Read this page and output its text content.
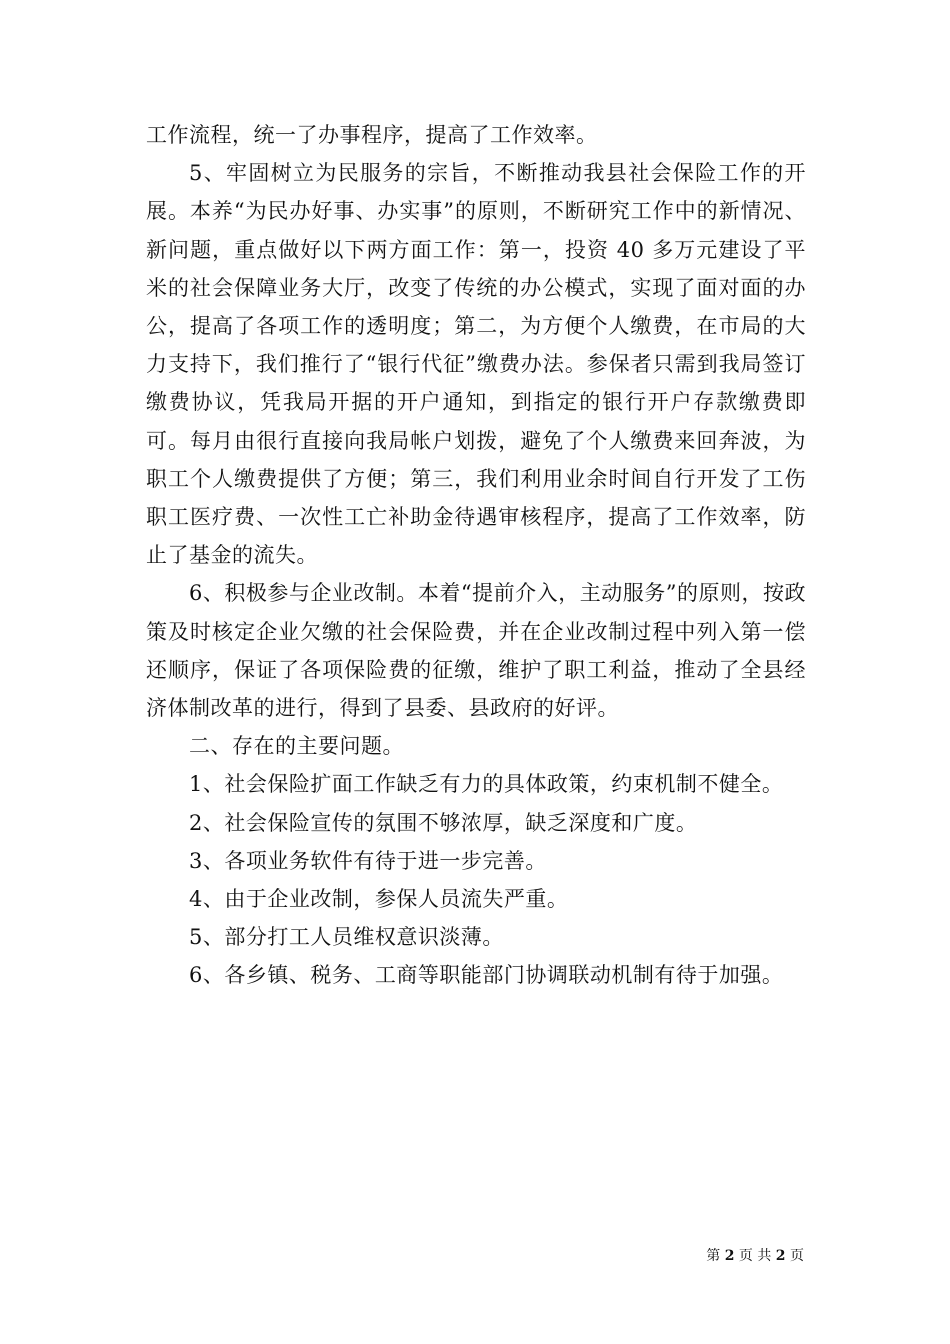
工作流程，统一了办事程序，提高了工作效率。

5、牢固树立为民服务的宗旨，不断推动我县社会保险工作的开展。本养“为民办好事、办实事”的原则，不断研究工作中的新情况、新问题，重点做好以下两方面工作：第一，投资 40 多万元建设了平米的社会保障业务大厅，改变了传统的办公模式，实现了面对面的办公，提高了各项工作的透明度；第二，为方便个人缴费，在市局的大力支持下，我们推行了“银行代征”缴费办法。参保者只需到我局签订缴费协议，凭我局开据的开户通知，到指定的银行开户存款缴费即可。每月由很行直接向我局帐户划拨，避免了个人缴费来回奔波，为职工个人缴费提供了方便；第三，我们利用业余时间自行开发了工伤职工医疗费、一次性工亡补助金待遇审核程序，提高了工作效率，防止了基金的流失。

6、积极参与企业改制。本着“提前介入，主动服务”的原则，按政策及时核定企业欠缴的社会保险费，并在企业改制过程中列入第一偿还顺序，保证了各项保险费的征缴，维护了职工利益，推动了全县经济体制改革的进行，得到了县委、县政府的好评。

二、存在的主要问题。

1、社会保险扩面工作缺乏有力的具体政策，约束机制不健全。

2、社会保险宣传的氛围不够浓厚，缺乏深度和广度。

3、各项业务软件有待于进一步完善。

4、由于企业改制，参保人员流失严重。

5、部分打工人员维权意识淡薄。

6、各乡镇、税务、工商等职能部门协调联动机制有待于加强。

第 2 页 共 2 页
